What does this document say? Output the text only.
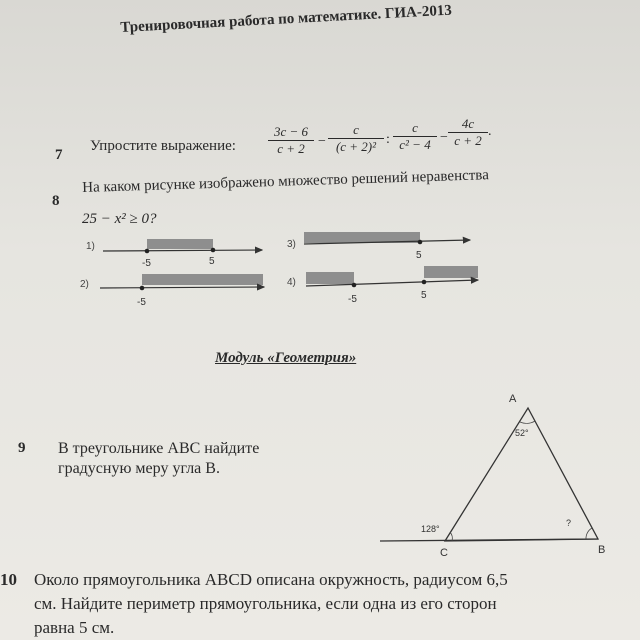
Тренировочная работа по математике. ГИА-2013
7
Упростите выражение: $\frac{3c - 6}{c + 2} - \frac{c}{\text{(c + 2)²}}$ : $\frac{c}{\text{c² − 4}} - \frac{4c}{c + 2}$ .
8
На каком рисунке изображено множество решений неравенства
25 − x² ≥ 0?
1)
-5	5
2)
-5
3)
5
4)
-5	5
A
C	B
52°
128°
?
Модуль «Геометрия»
9 В треугольнике ABC найдите
градусную меру угла B.
10 Около прямоугольника ABCD описана окружность, радиусом 6,5
см. Найдите периметр прямоугольника, если одна из его сторон
равна 5 см.
